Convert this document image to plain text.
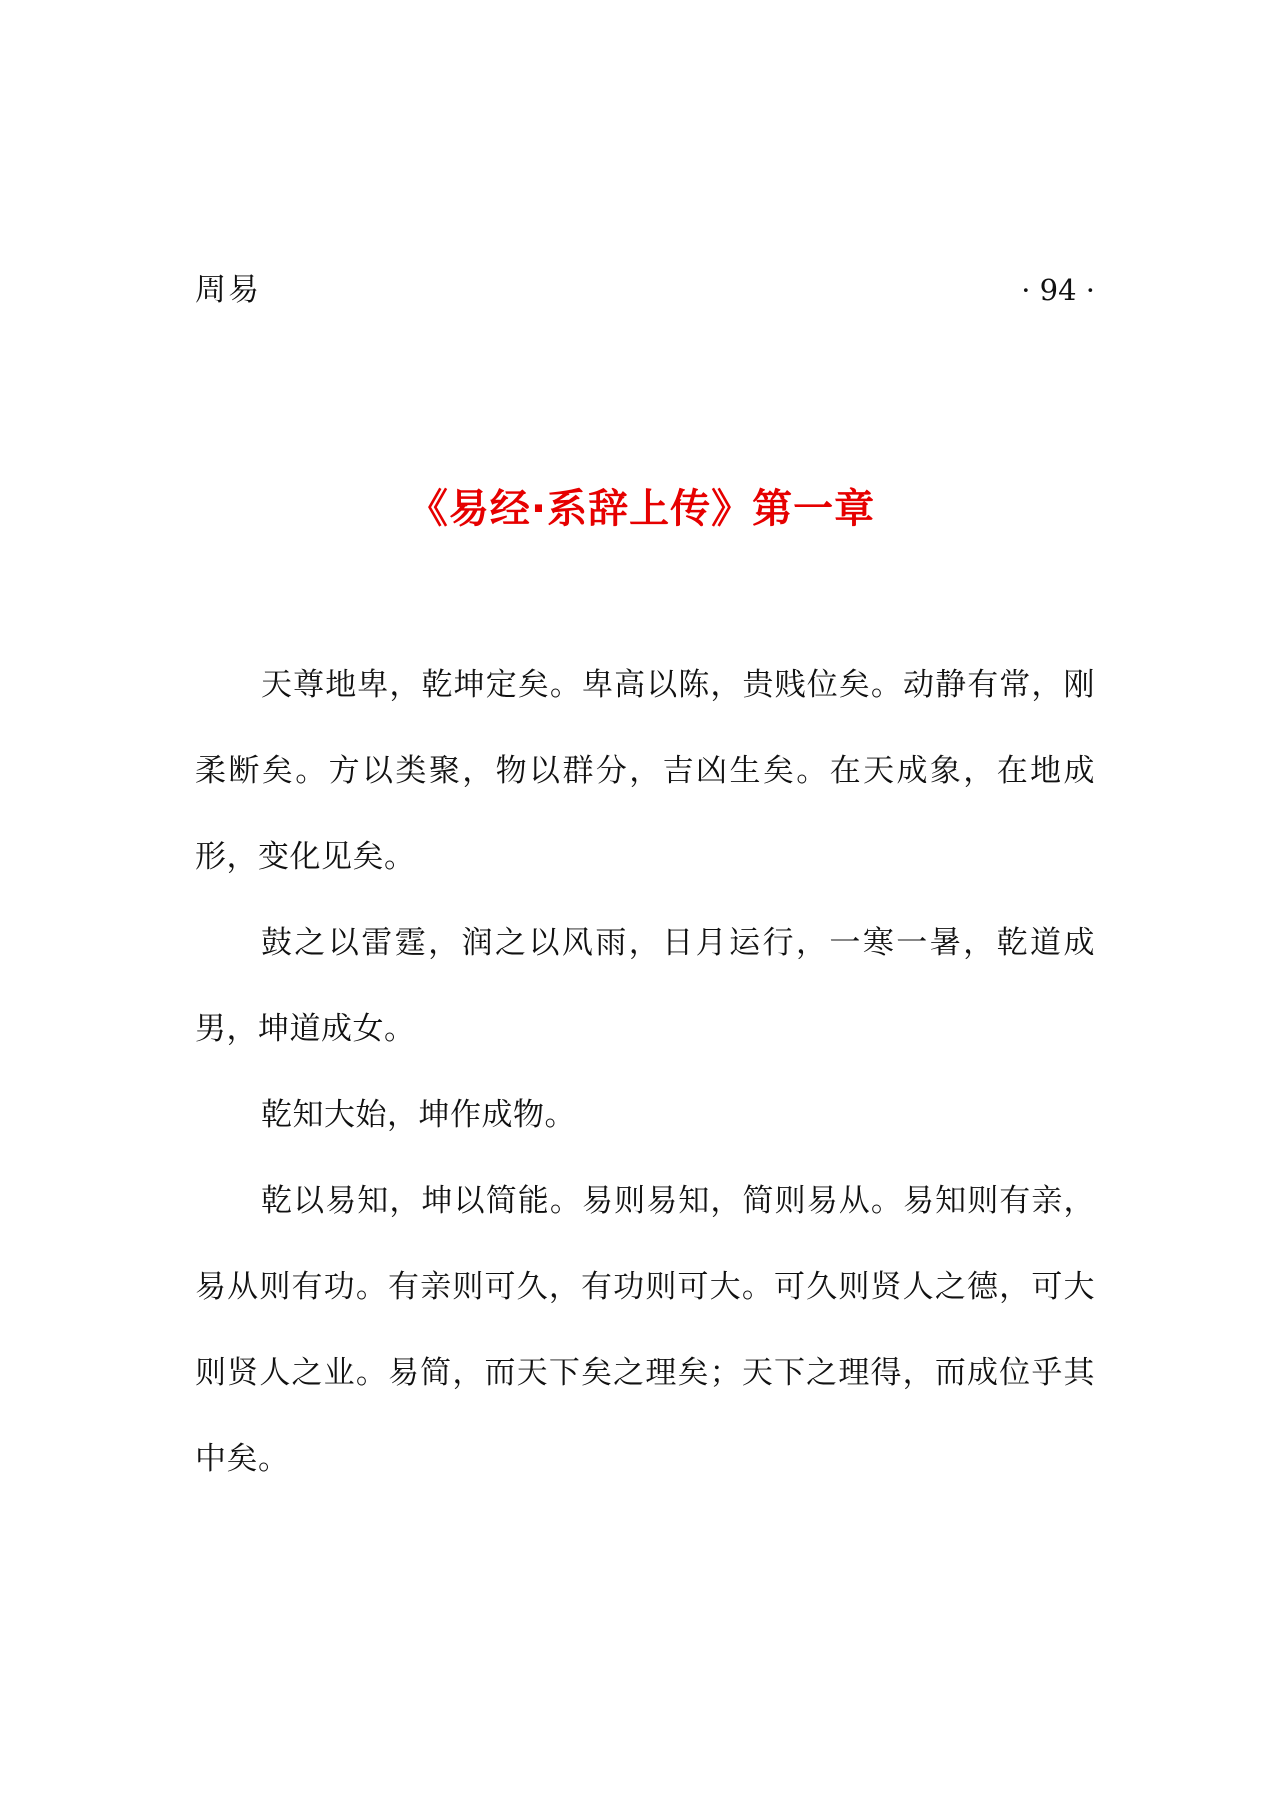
周易	· 94 ·
《易经·系辞上传》第一章

天尊地卑，乾坤定矣。卑高以陈，贵贱位矣。动静有常，刚柔断矣。方以类聚，物以群分，吉凶生矣。在天成象，在地成形，变化见矣。

鼓之以雷霆，润之以风雨，日月运行，一寒一暑，乾道成男，坤道成女。

乾知大始，坤作成物。

乾以易知，坤以简能。易则易知，简则易从。易知则有亲，易从则有功。有亲则可久，有功则可大。可久则贤人之德，可大则贤人之业。易简，而天下矣之理矣；天下之理得，而成位乎其中矣。
